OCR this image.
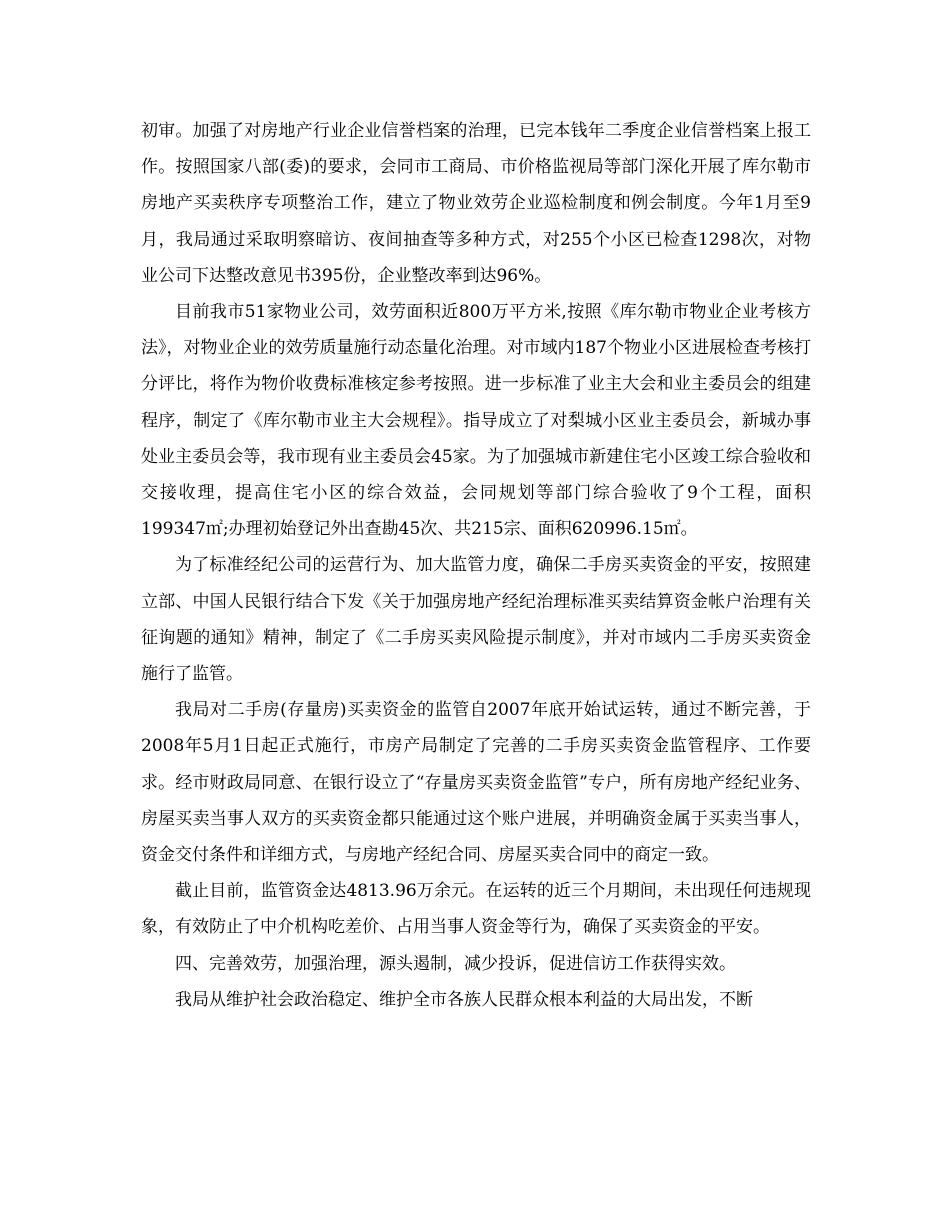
初审。加强了对房地产行业企业信誉档案的治理，已完本钱年二季度企业信誉档案上报工作。按照国家八部(委)的要求，会同市工商局、市价格监视局等部门深化开展了库尔勒市房地产买卖秩序专项整治工作，建立了物业效劳企业巡检制度和例会制度。今年1月至9月，我局通过采取明察暗访、夜间抽查等多种方式，对255个小区已检查1298次，对物业公司下达整改意见书395份，企业整改率到达96%。

目前我市51家物业公司，效劳面积近800万平方米,按照《库尔勒市物业企业考核方法》，对物业企业的效劳质量施行动态量化治理。对市域内187个物业小区进展检查考核打分评比，将作为物价收费标准核定参考按照。进一步标准了业主大会和业主委员会的组建程序，制定了《库尔勒市业主大会规程》。指导成立了对梨城小区业主委员会，新城办事处业主委员会等，我市现有业主委员会45家。为了加强城市新建住宅小区竣工综合验收和交接收理，提高住宅小区的综合效益，会同规划等部门综合验收了9个工程，面积199347㎡;办理初始登记外出查勘45次、共215宗、面积620996.15㎡。

为了标准经纪公司的运营行为、加大监管力度，确保二手房买卖资金的平安，按照建立部、中国人民银行结合下发《关于加强房地产经纪治理标准买卖结算资金帐户治理有关征询题的通知》精神，制定了《二手房买卖风险提示制度》，并对市域内二手房买卖资金施行了监管。

我局对二手房(存量房)买卖资金的监管自2007年底开始试运转，通过不断完善，于2008年5月1日起正式施行，市房产局制定了完善的二手房买卖资金监管程序、工作要求。经市财政局同意、在银行设立了“存量房买卖资金监管”专户，所有房地产经纪业务、房屋买卖当事人双方的买卖资金都只能通过这个账户进展，并明确资金属于买卖当事人，资金交付条件和详细方式，与房地产经纪合同、房屋买卖合同中的商定一致。

截止目前，监管资金达4813.96万余元。在运转的近三个月期间，未出现任何违规现象，有效防止了中介机构吃差价、占用当事人资金等行为，确保了买卖资金的平安。

四、完善效劳，加强治理，源头遏制，减少投诉，促进信访工作获得实效。

我局从维护社会政治稳定、维护全市各族人民群众根本利益的大局出发，不断
